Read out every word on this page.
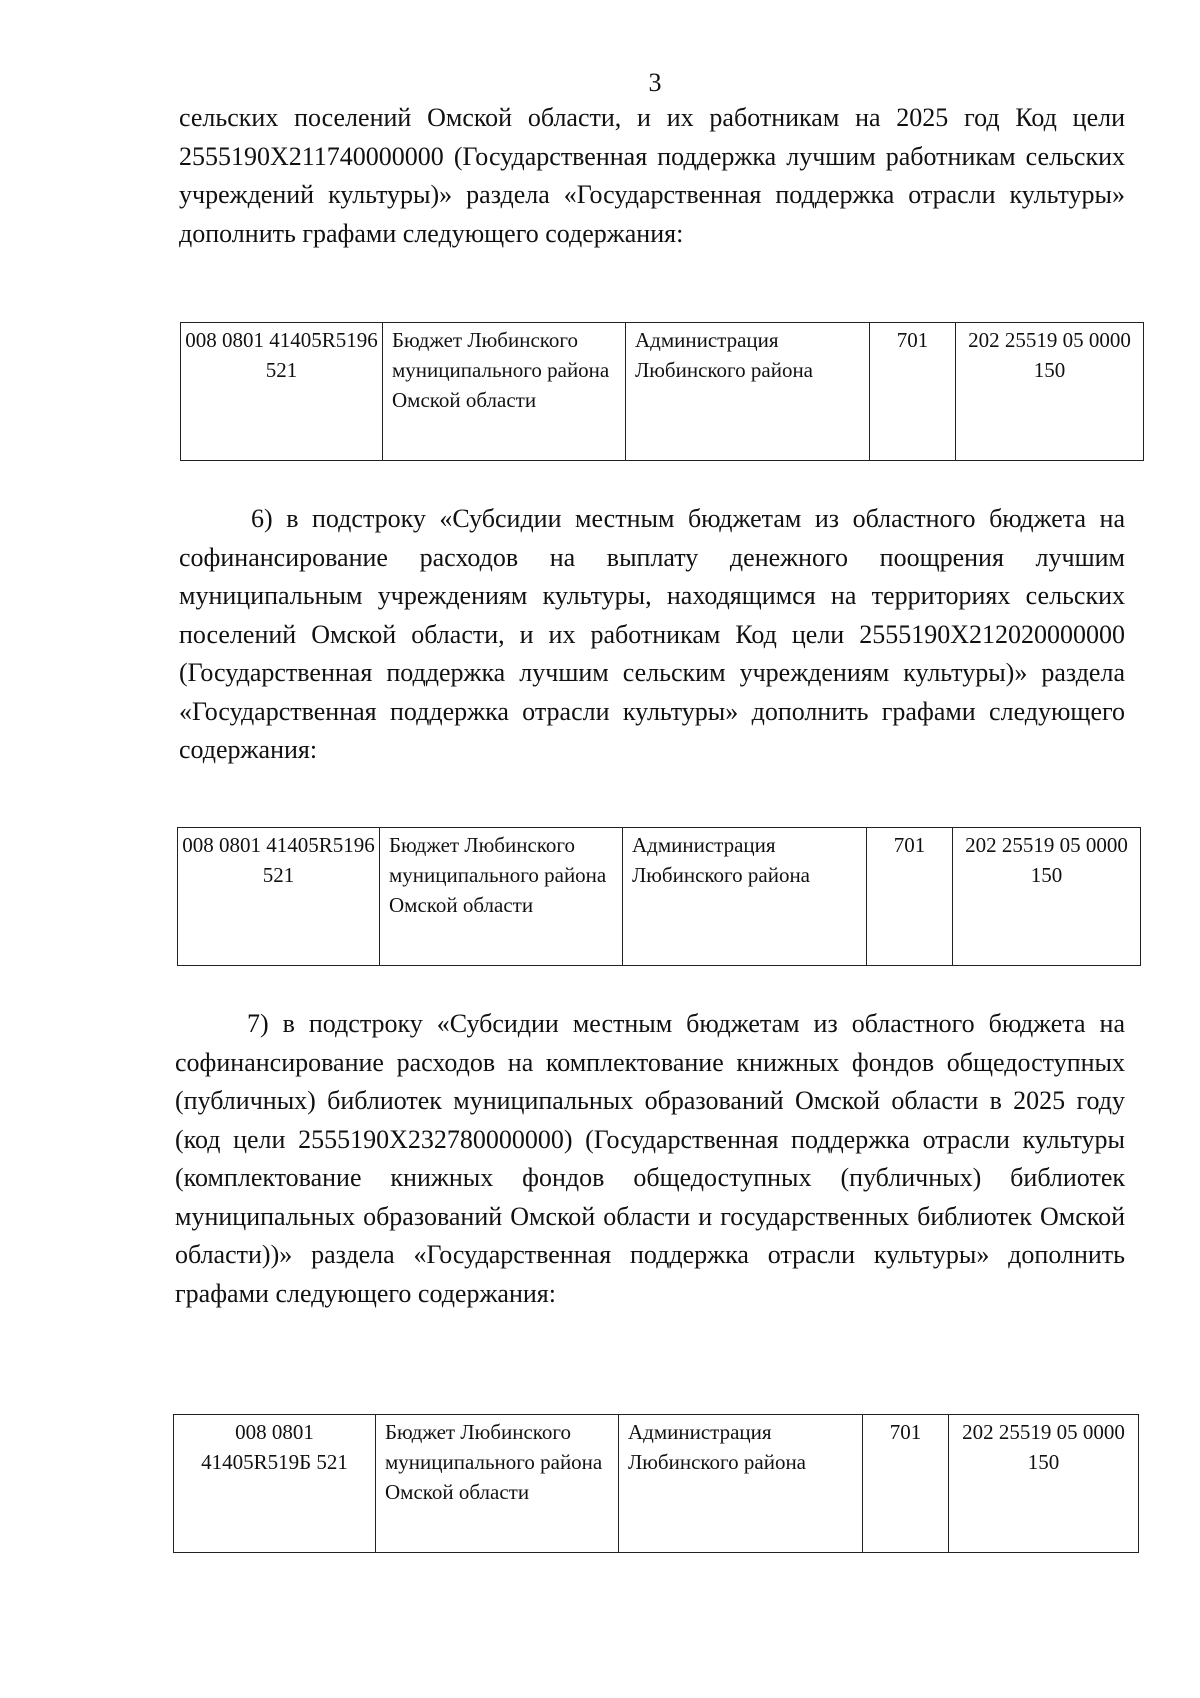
3
сельских поселений Омской области, и их работникам на 2025 год Код цели 2555190X211740000000 (Государственная поддержка лучшим работникам сельских учреждений культуры)» раздела «Государственная поддержка отрасли культуры» дополнить графами следующего содержания:
008 0801 41405R5196 521	Бюджет Любинского муниципального района Омской области	Администрация Любинского района	701	202 25519 05 0000 150
6) в подстроку «Субсидии местным бюджетам из областного бюджета на софинансирование расходов на выплату денежного поощрения лучшим муниципальным учреждениям культуры, находящимся на территориях сельских поселений Омской области, и их работникам Код цели 2555190X212020000000 (Государственная поддержка лучшим сельским учреждениям культуры)» раздела «Государственная поддержка отрасли культуры» дополнить графами следующего содержания:
008 0801 41405R5196 521	Бюджет Любинского муниципального района Омской области	Администрация Любинского района	701	202 25519 05 0000 150
7) в подстроку «Субсидии местным бюджетам из областного бюджета на софинансирование расходов на комплектование книжных фондов общедоступных (публичных) библиотек муниципальных образований Омской области в 2025 году (код цели 2555190X232780000000) (Государственная поддержка отрасли культуры (комплектование книжных фондов общедоступных (публичных) библиотек муниципальных образований Омской области и государственных библиотек Омской области))» раздела «Государственная поддержка отрасли культуры» дополнить графами следующего содержания:
008 0801 41405R519Б 521	Бюджет Любинского муниципального района Омской области	Администрация Любинского района	701	202 25519 05 0000 150
